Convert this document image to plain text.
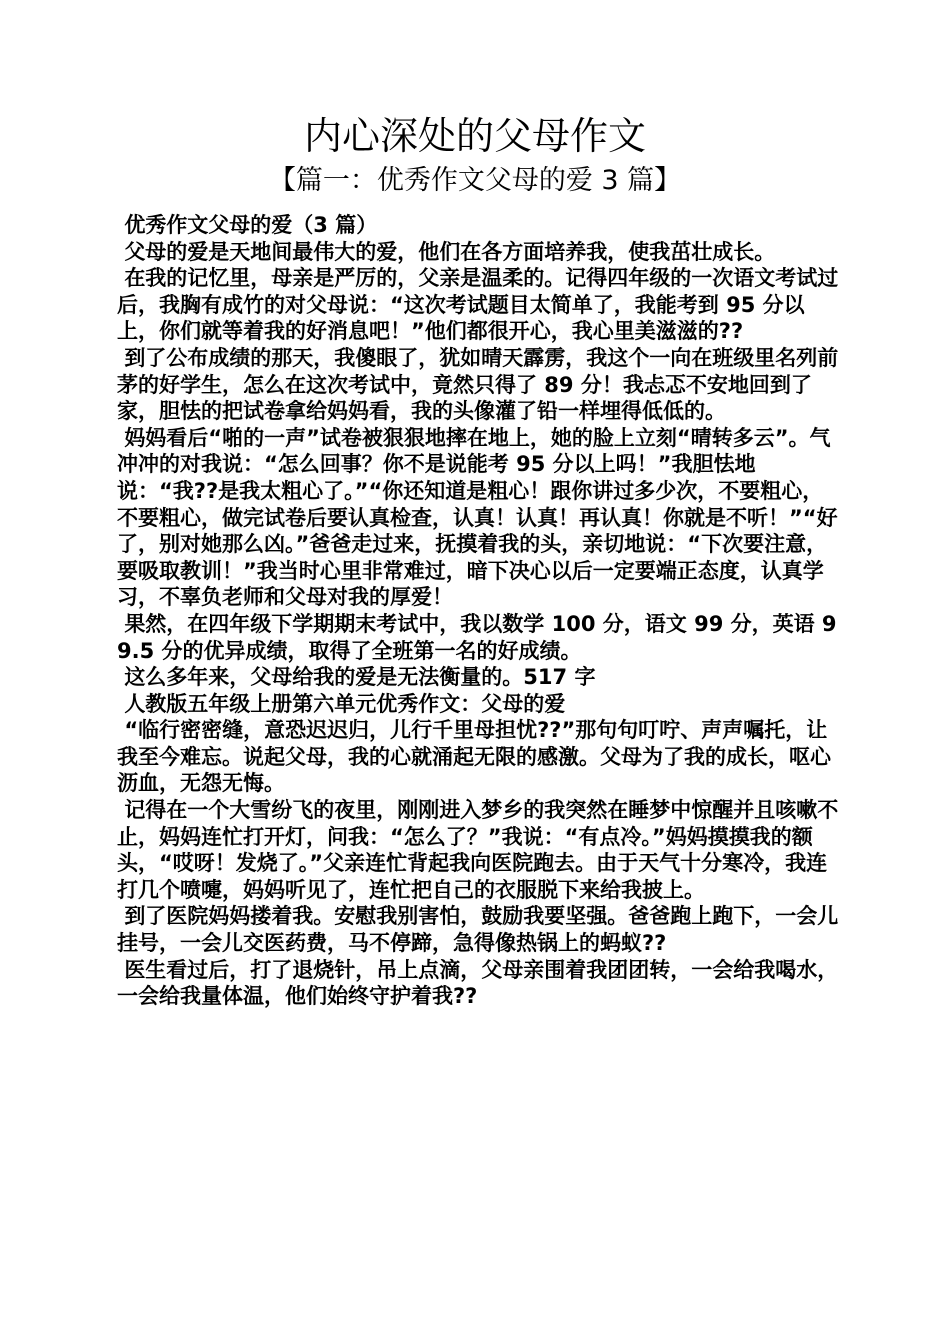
内心深处的父母作文
【篇一：优秀作文父母的爱 3 篇】

优秀作文父母的爱（3 篇）

父母的爱是天地间最伟大的爱，他们在各方面培养我，使我茁壮成长。

在我的记忆里，母亲是严厉的，父亲是温柔的。记得四年级的一次语文考试过后，我胸有成竹的对父母说：“这次考试题目太简单了，我能考到 95 分以上，你们就等着我的好消息吧！”他们都很开心，我心里美滋滋的??

到了公布成绩的那天，我傻眼了，犹如晴天霹雳，我这个一向在班级里名列前茅的好学生，怎么在这次考试中，竟然只得了 89 分！我忐忑不安地回到了家，胆怯的把试卷拿给妈妈看，我的头像灌了铅一样埋得低低的。

妈妈看后“啪的一声”试卷被狠狠地摔在地上，她的脸上立刻“晴转多云”。气冲冲的对我说：“怎么回事？你不是说能考 95 分以上吗！”我胆怯地说：“我??是我太粗心了。”“你还知道是粗心！跟你讲过多少次，不要粗心，不要粗心，做完试卷后要认真检查，认真！认真！再认真！你就是不听！”“好了，别对她那么凶。”爸爸走过来，抚摸着我的头，亲切地说：“下次要注意，要吸取教训！”我当时心里非常难过，暗下决心以后一定要端正态度，认真学习，不辜负老师和父母对我的厚爱！

果然，在四年级下学期期末考试中，我以数学 100 分，语文 99 分，英语 99.5 分的优异成绩，取得了全班第一名的好成绩。

这么多年来，父母给我的爱是无法衡量的。517 字

人教版五年级上册第六单元优秀作文：父母的爱

“临行密密缝，意恐迟迟归，儿行千里母担忧??”那句句叮咛、声声嘱托，让我至今难忘。说起父母，我的心就涌起无限的感激。父母为了我的成长，呕心沥血，无怨无悔。

记得在一个大雪纷飞的夜里，刚刚进入梦乡的我突然在睡梦中惊醒并且咳嗽不止，妈妈连忙打开灯，问我：“怎么了？”我说：“有点冷。”妈妈摸摸我的额头，“哎呀！发烧了。”父亲连忙背起我向医院跑去。由于天气十分寒冷，我连打几个喷嚏，妈妈听见了，连忙把自己的衣服脱下来给我披上。

到了医院妈妈搂着我。安慰我别害怕，鼓励我要坚强。爸爸跑上跑下，一会儿挂号，一会儿交医药费，马不停蹄，急得像热锅上的蚂蚁??

医生看过后，打了退烧针，吊上点滴，父母亲围着我团团转，一会给我喝水，一会给我量体温，他们始终守护着我??
